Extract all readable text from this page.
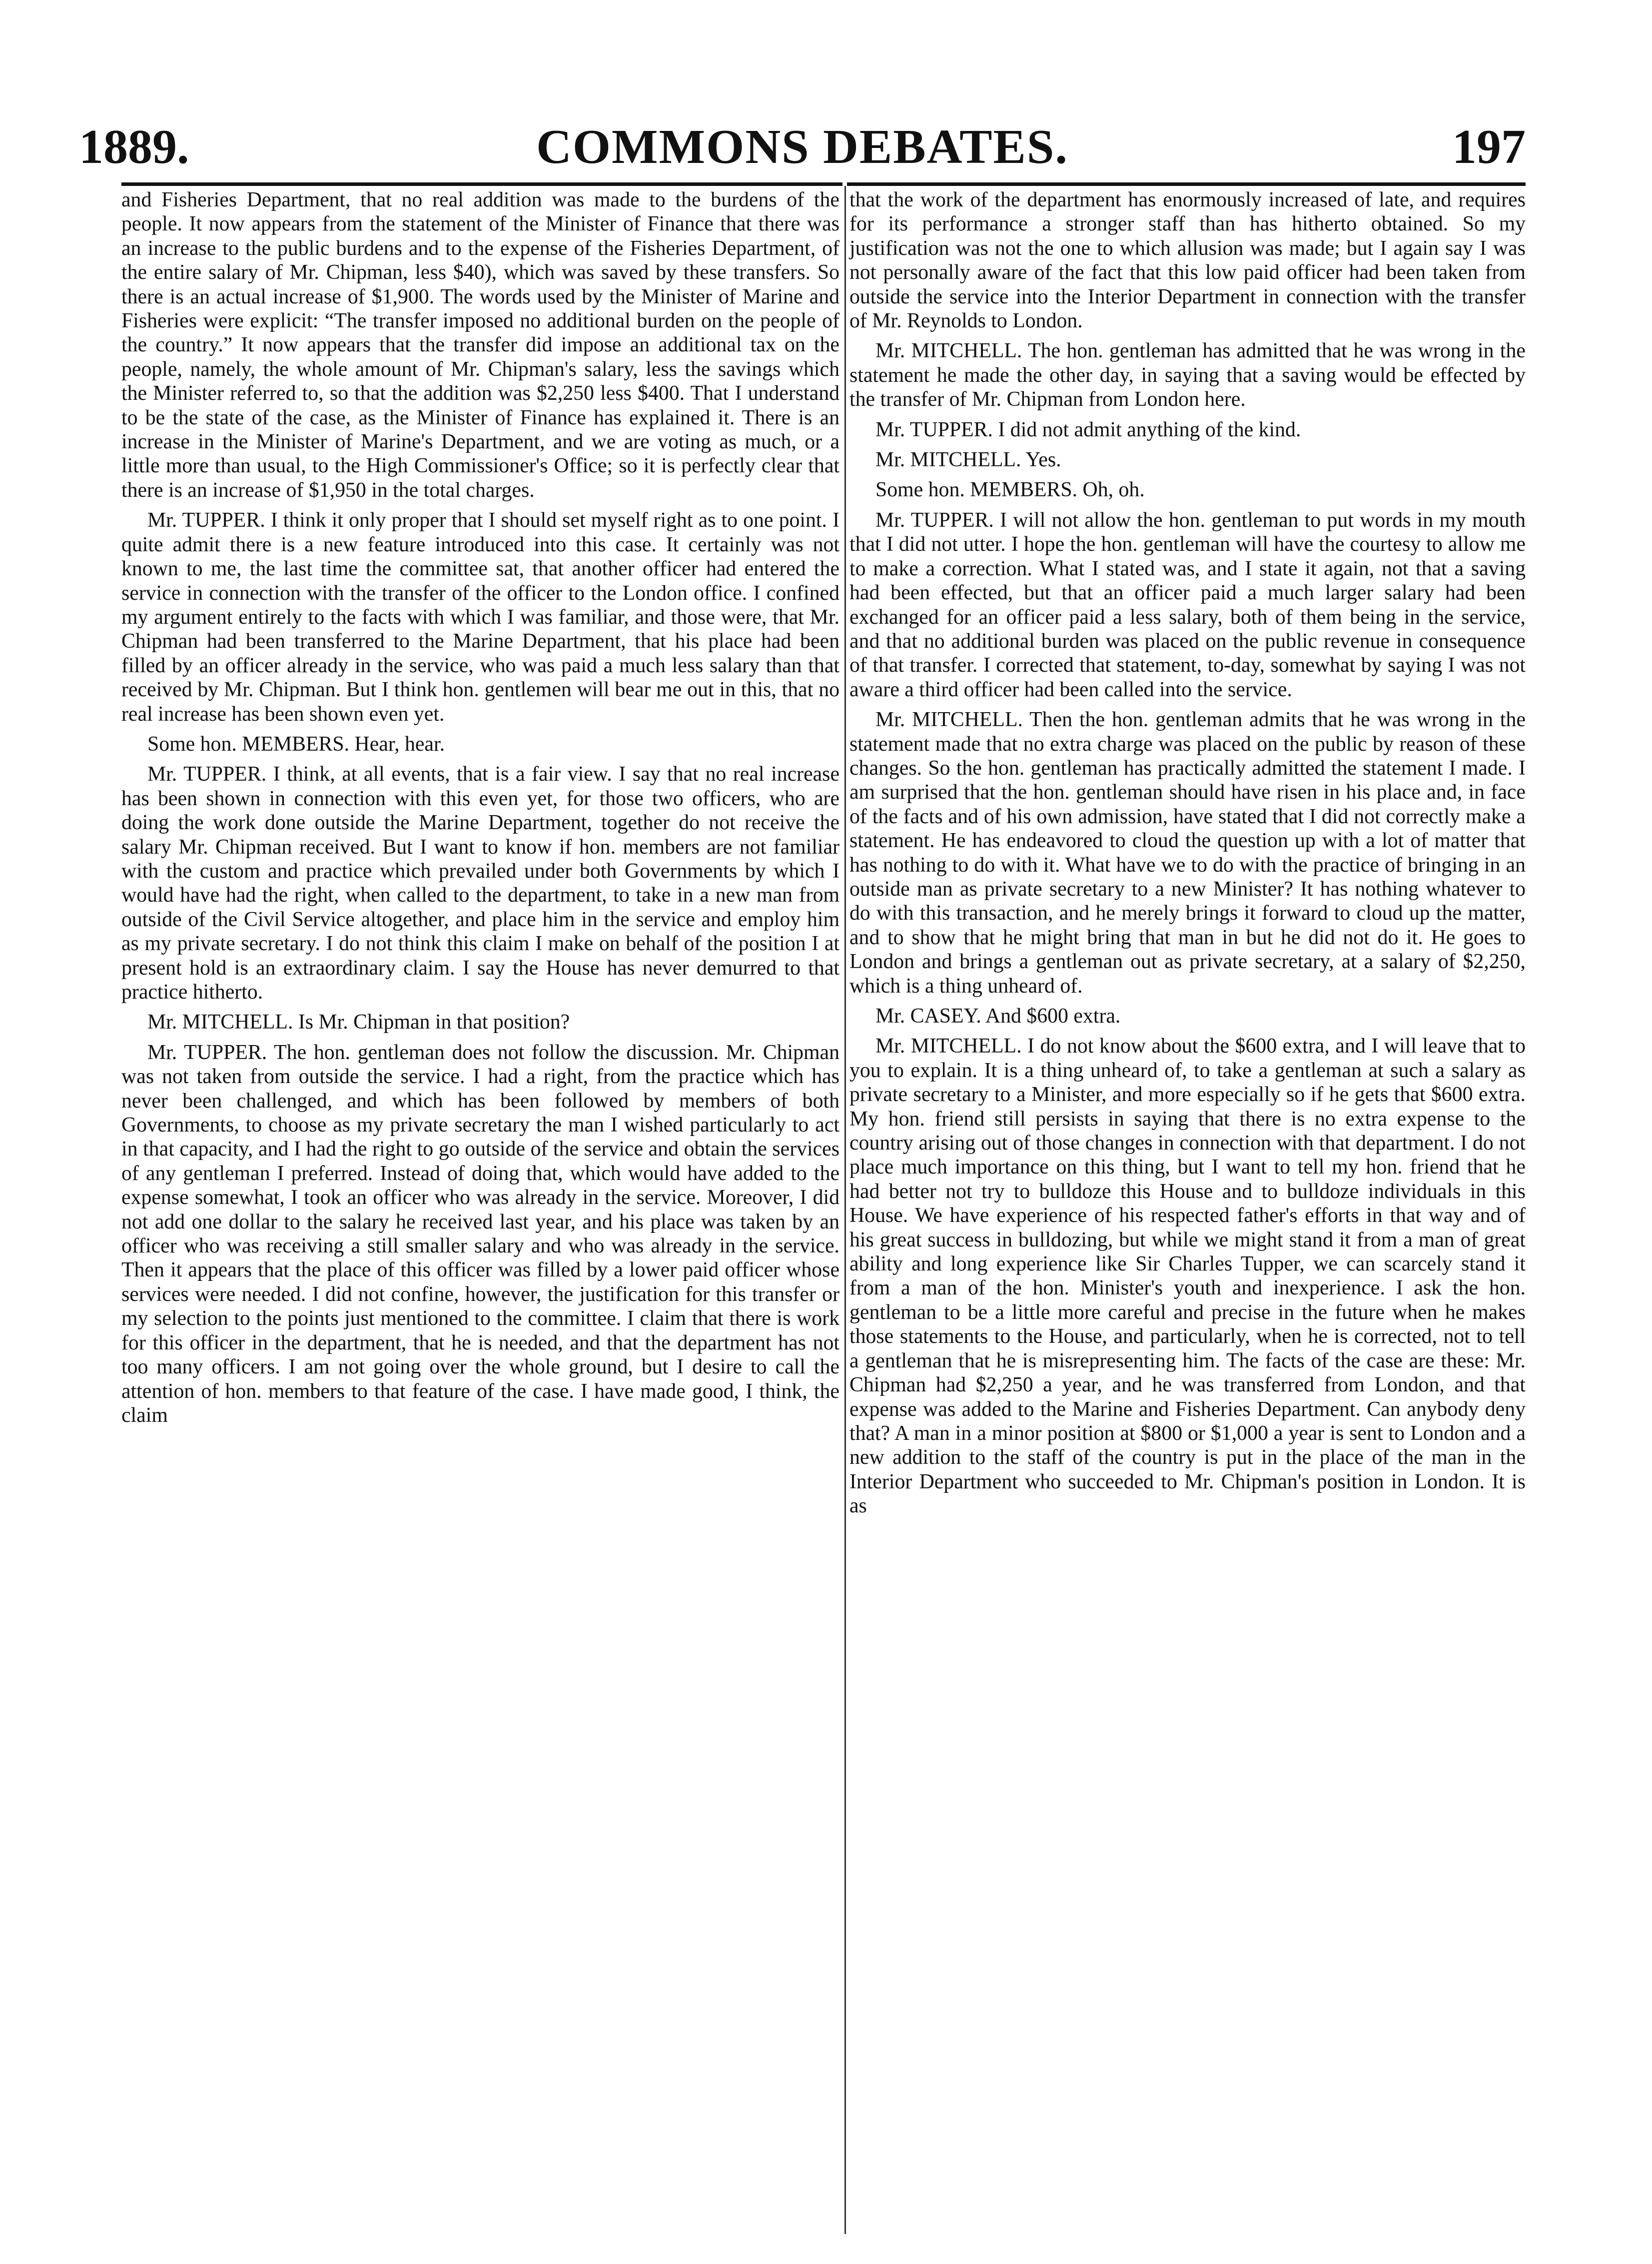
1889.	COMMONS DEBATES.	197

and Fisheries Department, that no real addition was made to the burdens of the people. It now appears from the statement of the Minister of Finance that there was an increase to the public burdens and to the expense of the Fisheries Department, of the entire salary of Mr. Chipman, less $40), which was saved by these transfers. So there is an actual increase of $1,900. The words used by the Minister of Marine and Fisheries were explicit: “The transfer imposed no additional burden on the people of the country.” It now appears that the transfer did impose an additional tax on the people, namely, the whole amount of Mr. Chipman's salary, less the savings which the Minister referred to, so that the addition was $2,250 less $400. That I understand to be the state of the case, as the Minister of Finance has explained it. There is an increase in the Minister of Marine's Department, and we are voting as much, or a little more than usual, to the High Commissioner's Office; so it is perfectly clear that there is an increase of $1,950 in the total charges.

Mr. TUPPER. I think it only proper that I should set myself right as to one point. I quite admit there is a new feature introduced into this case. It certainly was not known to me, the last time the committee sat, that another officer had entered the service in connection with the transfer of the officer to the London office. I confined my argument entirely to the facts with which I was familiar, and those were, that Mr. Chipman had been transferred to the Marine Department, that his place had been filled by an officer already in the service, who was paid a much less salary than that received by Mr. Chipman. But I think hon. gentlemen will bear me out in this, that no real increase has been shown even yet.

Some hon. MEMBERS. Hear, hear.

Mr. TUPPER. I think, at all events, that is a fair view. I say that no real increase has been shown in connection with this even yet, for those two officers, who are doing the work done outside the Marine Department, together do not receive the salary Mr. Chipman received. But I want to know if hon. members are not familiar with the custom and practice which prevailed under both Governments by which I would have had the right, when called to the department, to take in a new man from outside of the Civil Service altogether, and place him in the service and employ him as my private secretary. I do not think this claim I make on behalf of the position I at present hold is an extraordinary claim. I say the House has never demurred to that practice hitherto.

Mr. MITCHELL. Is Mr. Chipman in that position?

Mr. TUPPER. The hon. gentleman does not follow the discussion. Mr. Chipman was not taken from outside the service. I had a right, from the practice which has never been challenged, and which has been followed by members of both Governments, to choose as my private secretary the man I wished particularly to act in that capacity, and I had the right to go outside of the service and obtain the services of any gentleman I preferred. Instead of doing that, which would have added to the expense somewhat, I took an officer who was already in the service. Moreover, I did not add one dollar to the salary he received last year, and his place was taken by an officer who was receiving a still smaller salary and who was already in the service. Then it appears that the place of this officer was filled by a lower paid officer whose services were needed. I did not confine, however, the justification for this transfer or my selection to the points just mentioned to the committee. I claim that there is work for this officer in the department, that he is needed, and that the department has not too many officers. I am not going over the whole ground, but I desire to call the attention of hon. members to that feature of the case. I have made good, I think, the claim

that the work of the department has enormously increased of late, and requires for its performance a stronger staff than has hitherto obtained. So my justification was not the one to which allusion was made; but I again say I was not personally aware of the fact that this low paid officer had been taken from outside the service into the Interior Department in connection with the transfer of Mr. Reynolds to London.

Mr. MITCHELL. The hon. gentleman has admitted that he was wrong in the statement he made the other day, in saying that a saving would be effected by the transfer of Mr. Chipman from London here.

Mr. TUPPER. I did not admit anything of the kind.

Mr. MITCHELL. Yes.

Some hon. MEMBERS. Oh, oh.

Mr. TUPPER. I will not allow the hon. gentleman to put words in my mouth that I did not utter. I hope the hon. gentleman will have the courtesy to allow me to make a correction. What I stated was, and I state it again, not that a saving had been effected, but that an officer paid a much larger salary had been exchanged for an officer paid a less salary, both of them being in the service, and that no additional burden was placed on the public revenue in consequence of that transfer. I corrected that statement, to-day, somewhat by saying I was not aware a third officer had been called into the service.

Mr. MITCHELL. Then the hon. gentleman admits that he was wrong in the statement made that no extra charge was placed on the public by reason of these changes. So the hon. gentleman has practically admitted the statement I made. I am surprised that the hon. gentleman should have risen in his place and, in face of the facts and of his own admission, have stated that I did not correctly make a statement. He has endeavored to cloud the question up with a lot of matter that has nothing to do with it. What have we to do with the practice of bringing in an outside man as private secretary to a new Minister? It has nothing whatever to do with this transaction, and he merely brings it forward to cloud up the matter, and to show that he might bring that man in but he did not do it. He goes to London and brings a gentleman out as private secretary, at a salary of $2,250, which is a thing unheard of.

Mr. CASEY. And $600 extra.

Mr. MITCHELL. I do not know about the $600 extra, and I will leave that to you to explain. It is a thing unheard of, to take a gentleman at such a salary as private secretary to a Minister, and more especially so if he gets that $600 extra. My hon. friend still persists in saying that there is no extra expense to the country arising out of those changes in connection with that department. I do not place much importance on this thing, but I want to tell my hon. friend that he had better not try to bulldoze this House and to bulldoze individuals in this House. We have experience of his respected father's efforts in that way and of his great success in bulldozing, but while we might stand it from a man of great ability and long experience like Sir Charles Tupper, we can scarcely stand it from a man of the hon. Minister's youth and inexperience. I ask the hon. gentleman to be a little more careful and precise in the future when he makes those statements to the House, and particularly, when he is corrected, not to tell a gentleman that he is misrepresenting him. The facts of the case are these: Mr. Chipman had $2,250 a year, and he was transferred from London, and that expense was added to the Marine and Fisheries Department. Can anybody deny that? A man in a minor position at $800 or $1,000 a year is sent to London and a new addition to the staff of the country is put in the place of the man in the Interior Department who succeeded to Mr. Chipman's position in London. It is as
